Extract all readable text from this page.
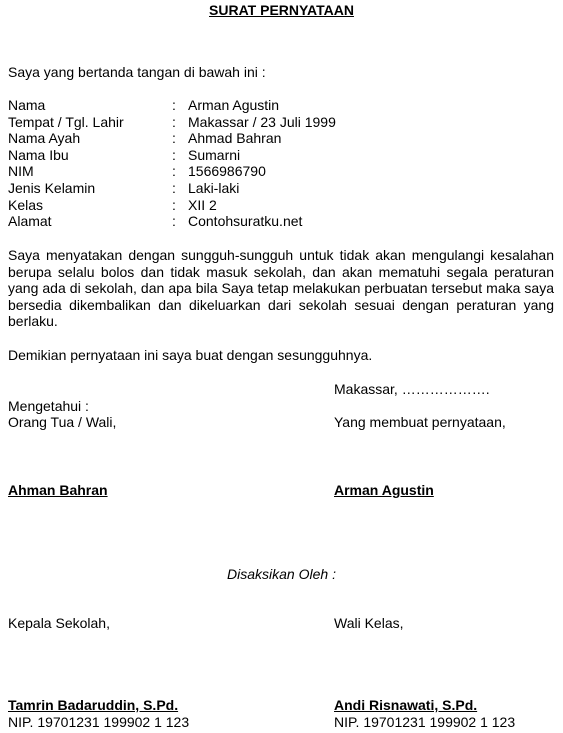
SURAT PERNYATAAN
Saya yang bertanda tangan di bawah ini :
Nama	: Arman Agustin
Tempat / Tgl. Lahir	: Makassar / 23 Juli 1999
Nama Ayah	: Ahmad Bahran
Nama Ibu	: Sumarni
NIM	: 1566986790
Jenis Kelamin	: Laki-laki
Kelas	: XII 2
Alamat	: Contohsuratku.net
Saya menyatakan dengan sungguh-sungguh untuk tidak akan mengulangi kesalahan berupa selalu bolos dan tidak masuk sekolah, dan akan mematuhi segala peraturan yang ada di sekolah, dan apa bila Saya tetap melakukan perbuatan tersebut maka saya bersedia dikembalikan dan dikeluarkan dari sekolah sesuai dengan peraturan yang berlaku.
Demikian pernyataan ini saya buat dengan sesungguhnya.
Makassar, ……………….
Mengetahui :
Orang Tua / Wali,	Yang membuat pernyataan,
Ahman Bahran	Arman Agustin
Disaksikan Oleh :
Kepala Sekolah,	Wali Kelas,
Tamrin Badaruddin, S.Pd.	Andi Risnawati, S.Pd.
NIP. 19701231 199902 1 123	NIP. 19701231 199902 1 123
